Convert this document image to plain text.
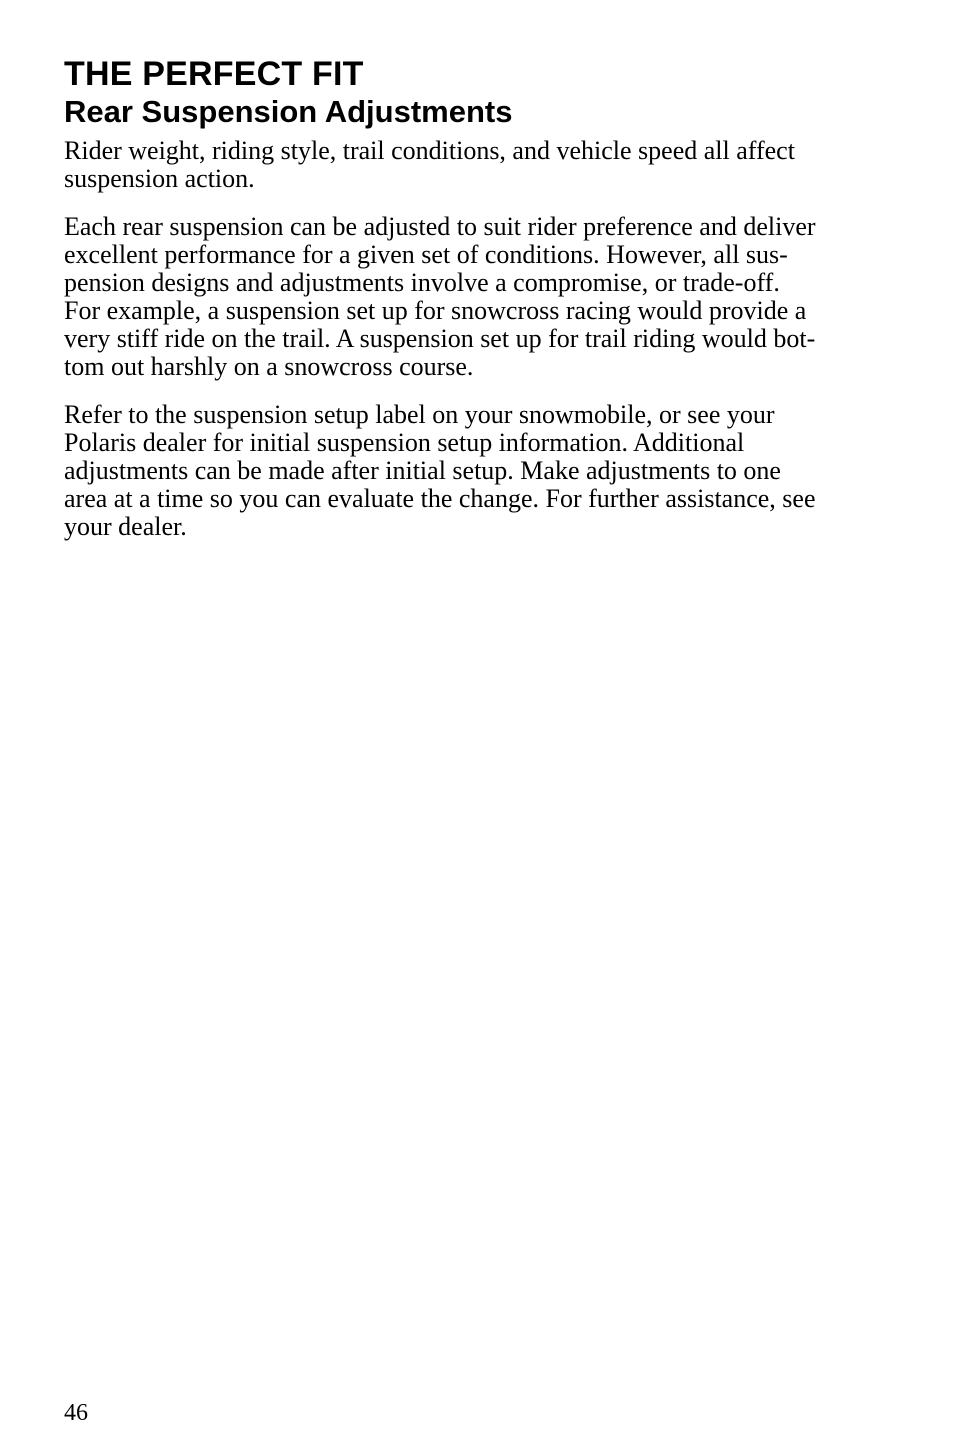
THE PERFECT FIT
Rear Suspension Adjustments

Rider weight, riding style, trail conditions, and vehicle speed all affect
suspension action.

Each rear suspension can be adjusted to suit rider preference and deliver
excellent performance for a given set of conditions. However, all sus-
pension designs and adjustments involve a compromise, or trade-off.
For example, a suspension set up for snowcross racing would provide a
very stiff ride on the trail. A suspension set up for trail riding would bot-
tom out harshly on a snowcross course.

Refer to the suspension setup label on your snowmobile, or see your
Polaris dealer for initial suspension setup information. Additional
adjustments can be made after initial setup. Make adjustments to one
area at a time so you can evaluate the change. For further assistance, see
your dealer.

46
